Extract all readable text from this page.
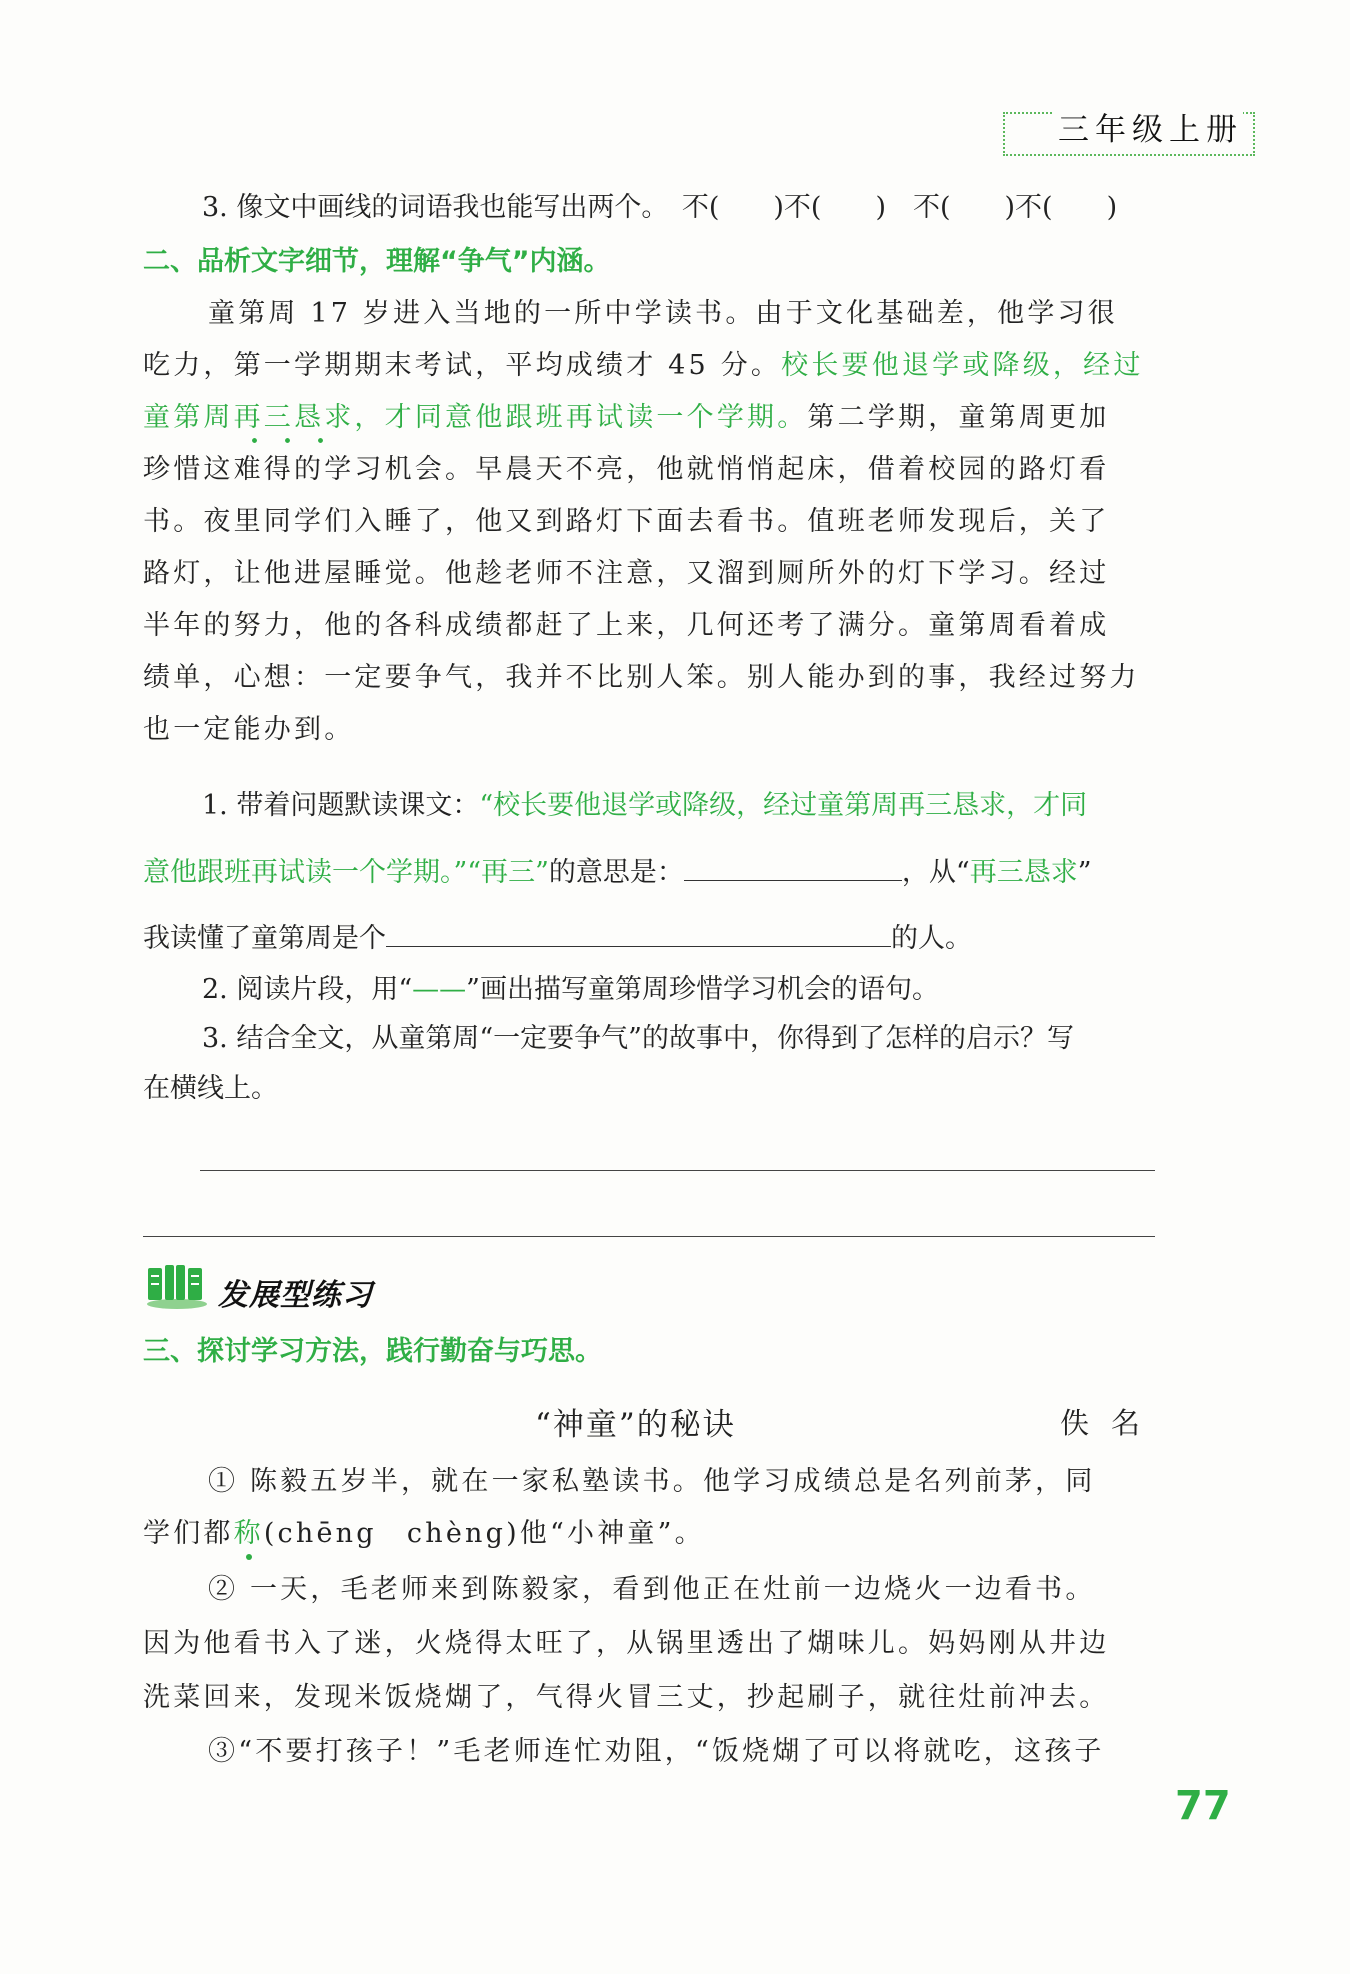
三年级上册
3. 像文中画线的词语我也能写出两个。　不(　　)不(　　)　不(　　)不(　　)
二、品析文字细节，理解“争气”内涵。
童第周 17 岁进入当地的一所中学读书。由于文化基础差，他学习很
吃力，第一学期期末考试，平均成绩才 45 分。校长要他退学或降级，经过
童第周再三恳求，才同意他跟班再试读一个学期。第二学期，童第周更加
珍惜这难得的学习机会。早晨天不亮，他就悄悄起床，借着校园的路灯看
书。夜里同学们入睡了，他又到路灯下面去看书。值班老师发现后，关了
路灯，让他进屋睡觉。他趁老师不注意，又溜到厕所外的灯下学习。经过
半年的努力，他的各科成绩都赶了上来，几何还考了满分。童第周看着成
绩单，心想：一定要争气，我并不比别人笨。别人能办到的事，我经过努力
也一定能办到。
1. 带着问题默读课文：“校长要他退学或降级，经过童第周再三恳求，才同
意他跟班再试读一个学期。”“再三”的意思是：	，从“再三恳求”
我读懂了童第周是个	的人。
2. 阅读片段，用“——”画出描写童第周珍惜学习机会的语句。
3. 结合全文，从童第周“一定要争气”的故事中，你得到了怎样的启示？写
在横线上。
发展型练习
三、探讨学习方法，践行勤奋与巧思。
“神童”的秘诀	佚名
① 陈毅五岁半，就在一家私塾读书。他学习成绩总是名列前茅，同
学们都称(chēng　chèng)他“小神童”。
② 一天，毛老师来到陈毅家，看到他正在灶前一边烧火一边看书。
因为他看书入了迷，火烧得太旺了，从锅里透出了煳味儿。妈妈刚从井边
洗菜回来，发现米饭烧煳了，气得火冒三丈，抄起刷子，就往灶前冲去。
③“不要打孩子！”毛老师连忙劝阻，“饭烧煳了可以将就吃，这孩子
77
